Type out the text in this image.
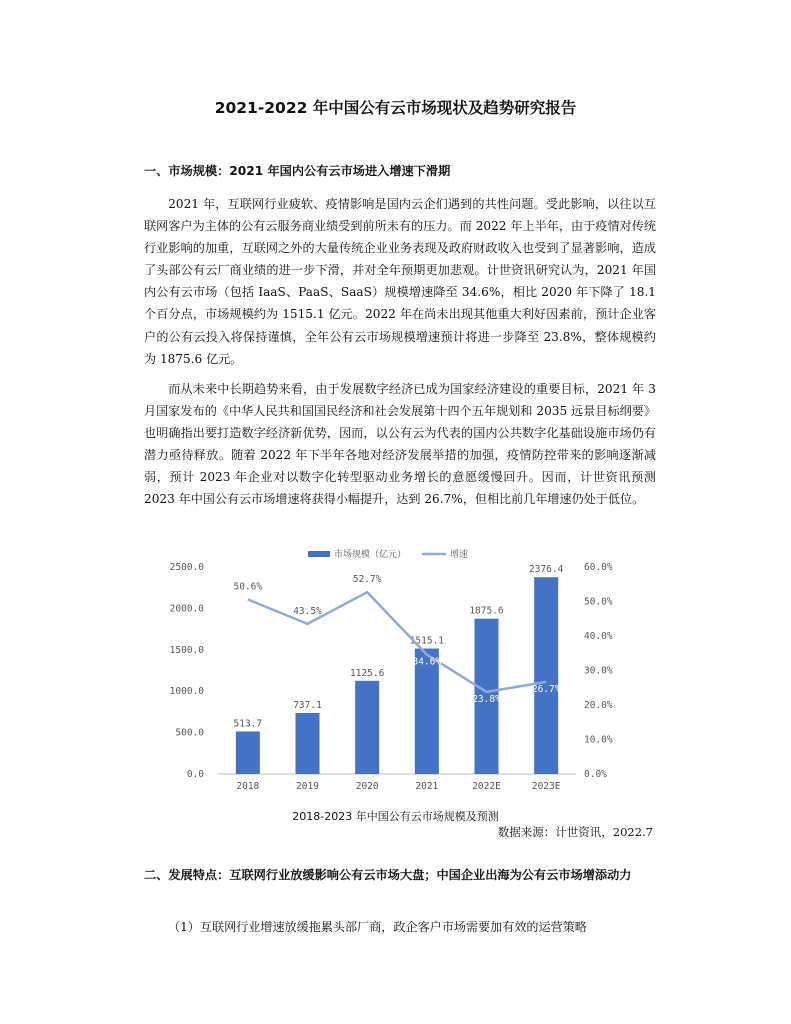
2021-2022 年中国公有云市场现状及趋势研究报告
一、市场规模：2021 年国内公有云市场进入增速下滑期

2021 年，互联网行业疲软、疫情影响是国内云企们遇到的共性问题。受此影响，以往以互联网客户为主体的公有云服务商业绩受到前所未有的压力。而 2022 年上半年，由于疫情对传统行业影响的加重，互联网之外的大量传统企业业务表现及政府财政收入也受到了显著影响，造成了头部公有云厂商业绩的进一步下滑，并对全年预期更加悲观。计世资讯研究认为，2021 年国内公有云市场（包括 IaaS、PaaS、SaaS）规模增速降至 34.6%，相比 2020 年下降了 18.1 个百分点，市场规模约为 1515.1 亿元。2022 年在尚未出现其他重大利好因素前，预计企业客户的公有云投入将保持谨慎，全年公有云市场规模增速预计将进一步降至 23.8%，整体规模约为 1875.6 亿元。

而从未来中长期趋势来看，由于发展数字经济已成为国家经济建设的重要目标，2021 年 3 月国家发布的《中华人民共和国国民经济和社会发展第十四个五年规划和 2035 远景目标纲要》也明确指出要打造数字经济新优势，因而，以公有云为代表的国内公共数字化基础设施市场仍有潜力亟待释放。随着 2022 年下半年各地对经济发展举措的加强，疫情防控带来的影响逐渐减弱，预计 2023 年企业对以数字化转型驱动业务增长的意愿缓慢回升。因而，计世资讯预测 2023 年中国公有云市场增速将获得小幅提升，达到 26.7%，但相比前几年增速仍处于低位。

市场规模（亿元）	增速
0.0
500.0
1000.0
1500.0
2000.0
2500.0
0.0%
10.0%
20.0%
30.0%
40.0%
50.0%
60.0%
2018	2019	2020	2021	2022E	2023E
513.7
737.1
1125.6
1515.1
1875.6
2376.4
50.6%
43.5%
52.7%
34.6%
23.8%
26.7%
2018-2023 年中国公有云市场规模及预测
数据来源：计世资讯，2022.7
二、发展特点：互联网行业放缓影响公有云市场大盘；中国企业出海为公有云市场增添动力
（1）互联网行业增速放缓拖累头部厂商，政企客户市场需要加有效的运营策略
